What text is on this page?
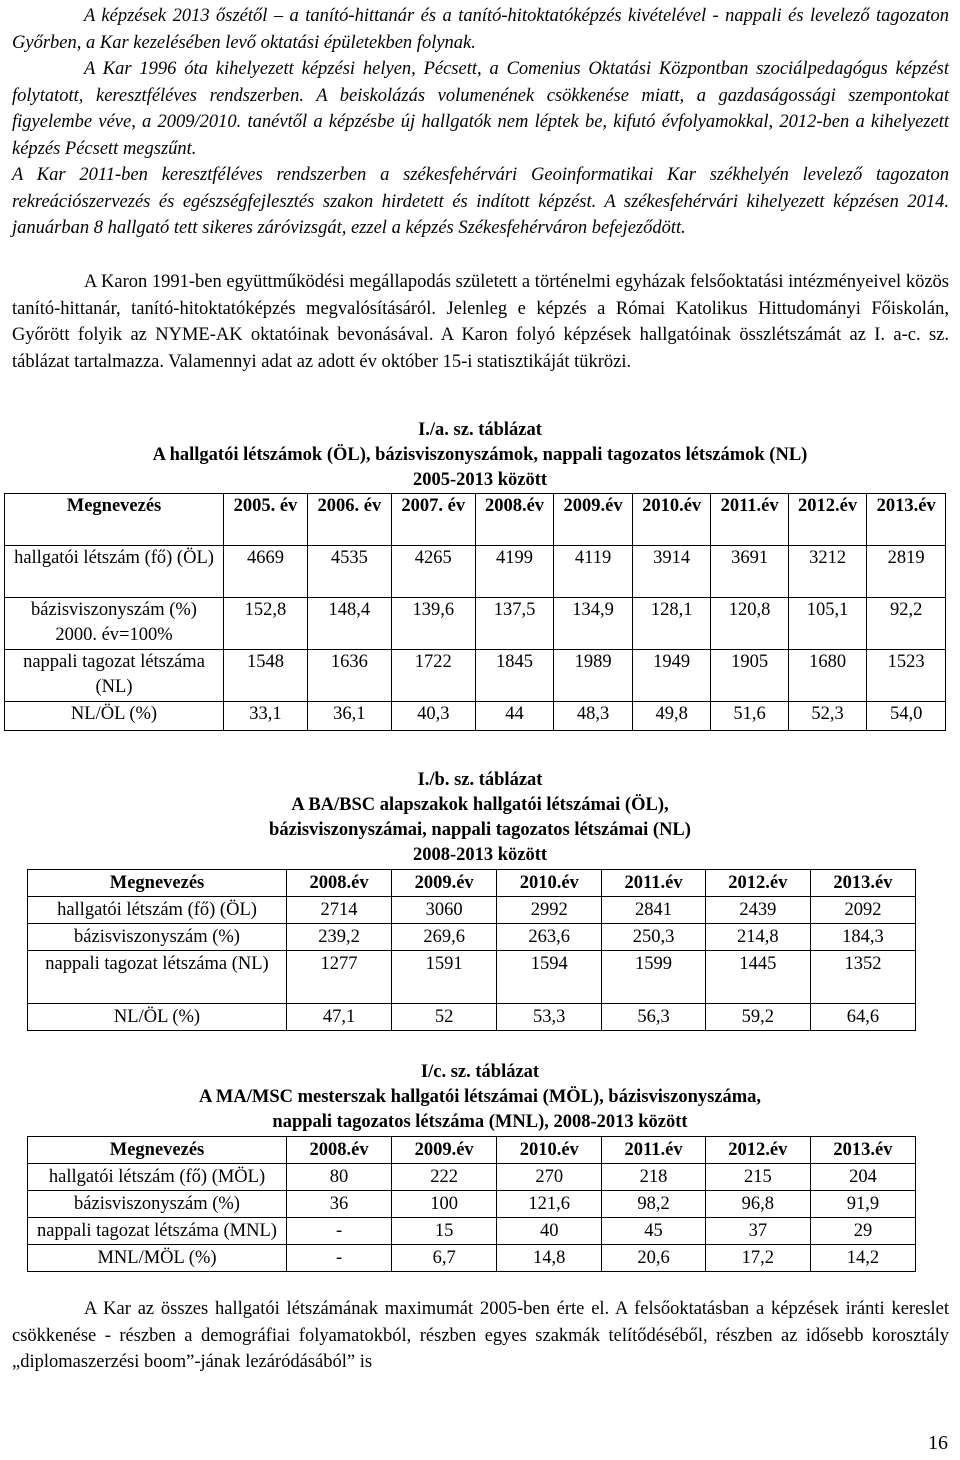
A képzések 2013 őszétől – a tanító-hittanár és a tanító-hitoktatóképzés kivételével - nappali és levelező tagozaton Győrben, a Kar kezelésében levő oktatási épületekben folynak.

A Kar 1996 óta kihelyezett képzési helyen, Pécsett, a Comenius Oktatási Központban szociálpedagógus képzést folytatott, keresztféléves rendszerben. A beiskolázás volumenének csökkenése miatt, a gazdaságossági szempontokat figyelembe véve, a 2009/2010. tanévtől a képzésbe új hallgatók nem léptek be, kifutó évfolyamokkal, 2012-ben a kihelyezett képzés Pécsett megszűnt.

A Kar 2011-ben keresztféléves rendszerben a székesfehérvári Geoinformatikai Kar székhelyén levelező tagozaton rekreációszervezés és egészségfejlesztés szakon hirdetett és indított képzést. A székesfehérvári kihelyezett képzésen 2014. januárban 8 hallgató tett sikeres záróvizsgát, ezzel a képzés Székesfehérváron befejeződött.

A Karon 1991-ben együttműködési megállapodás született a történelmi egyházak felsőoktatási intézményeivel közös tanító-hittanár, tanító-hitoktatóképzés megvalósításáról. Jelenleg e képzés a Római Katolikus Hittudományi Főiskolán, Győrött folyik az NYME-AK oktatóinak bevonásával. A Karon folyó képzések hallgatóinak összlétszámát az I. a-c. sz. táblázat tartalmazza. Valamennyi adat az adott év október 15-i statisztikáját tükrözi.

I./a. sz. táblázat

A hallgatói létszámok (ÖL), bázisviszonyszámok, nappali tagozatos létszámok (NL)

2005-2013 között

Megnevezés	2005. év	2006. év	2007. év	2008.év	2009.év	2010.év	2011.év	2012.év	2013.év
hallgatói létszám (fő) (ÖL)	4669	4535	4265	4199	4119	3914	3691	3212	2819
bázisviszonyszám (%) 2000. év=100%	152,8	148,4	139,6	137,5	134,9	128,1	120,8	105,1	92,2
nappali tagozat létszáma (NL)	1548	1636	1722	1845	1989	1949	1905	1680	1523
NL/ÖL (%)	33,1	36,1	40,3	44	48,3	49,8	51,6	52,3	54,0

I./b. sz. táblázat

A BA/BSC alapszakok hallgatói létszámai (ÖL),

bázisviszonyszámai, nappali tagozatos létszámai (NL)

2008-2013 között

Megnevezés	2008.év	2009.év	2010.év	2011.év	2012.év	2013.év
hallgatói létszám (fő) (ÖL)	2714	3060	2992	2841	2439	2092
bázisviszonyszám (%)	239,2	269,6	263,6	250,3	214,8	184,3
nappali tagozat létszáma (NL)	1277	1591	1594	1599	1445	1352
NL/ÖL (%)	47,1	52	53,3	56,3	59,2	64,6

I/c. sz. táblázat

A MA/MSC mesterszak hallgatói létszámai (MÖL), bázisviszonyszáma,

nappali tagozatos létszáma (MNL), 2008-2013 között

Megnevezés	2008.év	2009.év	2010.év	2011.év	2012.év	2013.év
hallgatói létszám (fő) (MÖL)	80	222	270	218	215	204
bázisviszonyszám (%)	36	100	121,6	98,2	96,8	91,9
nappali tagozat létszáma (MNL)	-	15	40	45	37	29
MNL/MÖL (%)	-	6,7	14,8	20,6	17,2	14,2

A Kar az összes hallgatói létszámának maximumát 2005-ben érte el. A felsőoktatásban a képzések iránti kereslet csökkenése - részben a demográfiai folyamatokból, részben egyes szakmák telítődéséből, részben az idősebb korosztály „diplomaszerzési boom”-jának lezáródásából” is

16
